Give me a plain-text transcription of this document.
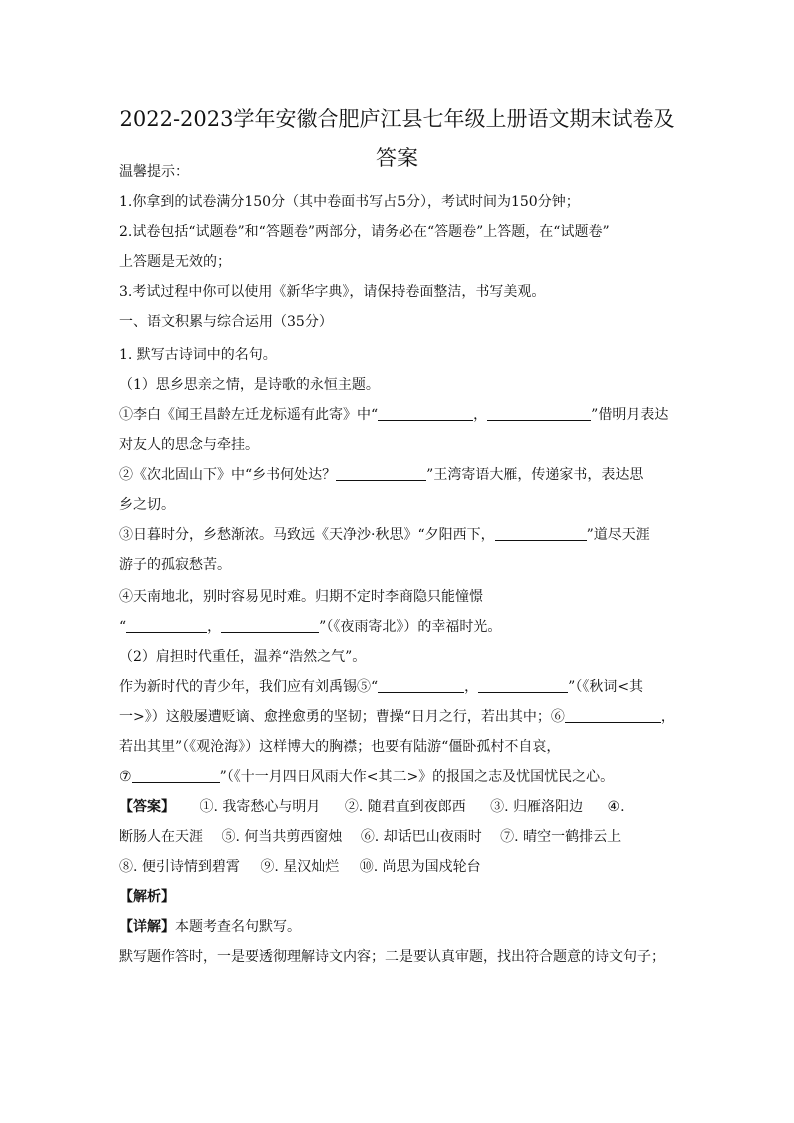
2022-2023学年安徽合肥庐江县七年级上册语文期末试卷及
答案
温馨提示：
1.你拿到的试卷满分150分（其中卷面书写占5分），考试时间为150分钟；
2.试卷包括“试题卷”和“答题卷”两部分，请务必在“答题卷”上答题，在“试题卷”
上答题是无效的；
3.考试过程中你可以使用《新华字典》，请保持卷面整洁，书写美观。
一、语文积累与综合运用（35分）
1. 默写古诗词中的名句。
（1）思乡思亲之情，是诗歌的永恒主题。
①李白《闻王昌龄左迁龙标遥有此寄》中“	，	”借明月表达
对友人的思念与牵挂。
②《次北固山下》中“乡书何处达？	”王湾寄语大雁，传递家书，表达思
乡之切。
③日暮时分，乡愁渐浓。马致远《天净沙·秋思》“夕阳西下，	”道尽天涯
游子的孤寂愁苦。
④天南地北，别时容易见时难。归期不定时李商隐只能憧憬
“	，	”（《夜雨寄北》）的幸福时光。
（2）肩担时代重任，温养“浩然之气”。
作为新时代的青少年，我们应有刘禹锡⑤“	，	”（《秋词<其
一>》）这般屡遭贬谪、愈挫愈勇的坚韧；曹操“日月之行，若出其中；⑥	，
若出其里”（《观沧海》）这样博大的胸襟；也要有陆游“僵卧孤村不自哀，
⑦	”（《十一月四日风雨大作<其二>》的报国之志及忧国忧民之心。
【答案】 ①. 我寄愁心与明月 ②. 随君直到夜郎西 ③. 归雁洛阳边 ④.
断肠人在天涯 ⑤. 何当共剪西窗烛 ⑥. 却话巴山夜雨时 ⑦. 晴空一鹤排云上
⑧. 便引诗情到碧霄 ⑨. 星汉灿烂 ⑩. 尚思为国戍轮台
【解析】
【详解】本题考查名句默写。
默写题作答时，一是要透彻理解诗文内容；二是要认真审题，找出符合题意的诗文句子；
